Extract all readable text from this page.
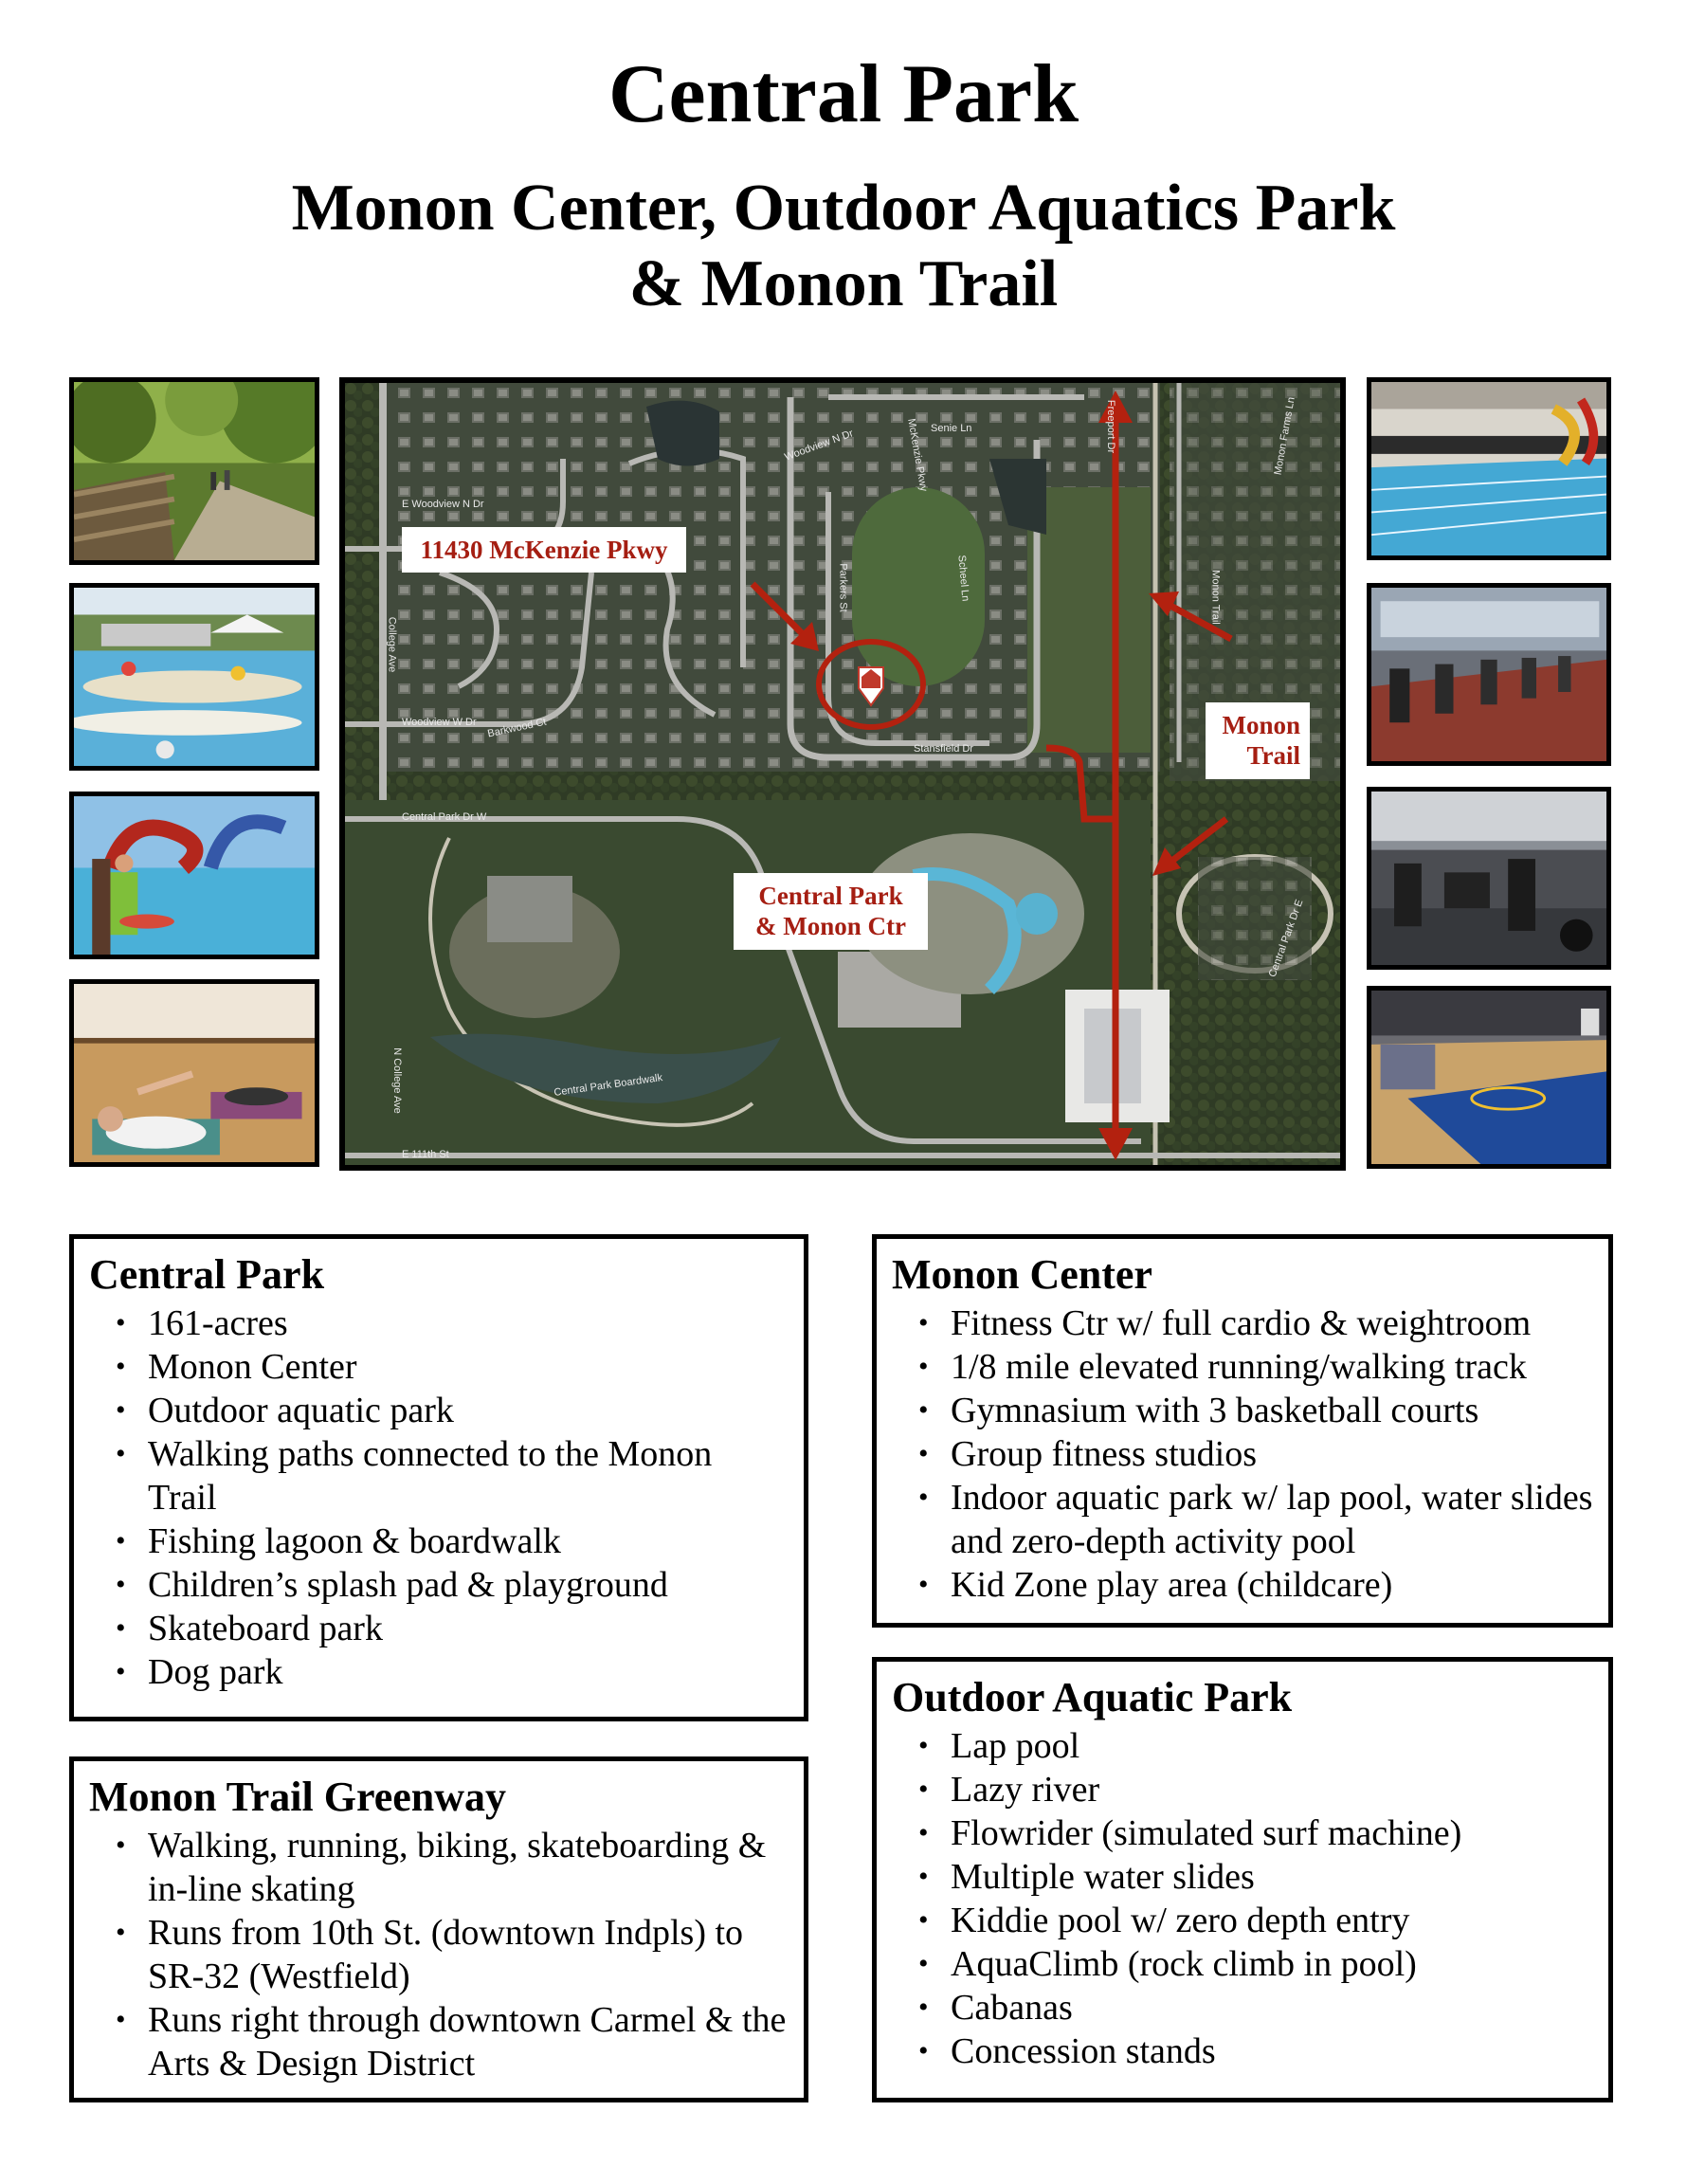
Central Park
Monon Center, Outdoor Aquatics Park
& Monon Trail
E Woodview N Dr
Woodview N Dr	Senie Ln
McKenzie Pkwy	Freeport Dr
Monon Trail
Monon Farms Ln
College Ave
Woodview W Dr Barkwood Ct
Stansfield Dr
Central Park Dr W
Central Park Boardwalk
N College Ave
E 111th St
Central Park Dr E
Scheel Ln
Parkers St
11430 McKenzie Pkwy
Monon
Trail
Central Park
& Monon Ctr
Central Park
• 161-acres
• Monon Center
• Outdoor aquatic park
• Walking paths connected to the Monon Trail
• Fishing lagoon & boardwalk
• Children’s splash pad & playground
• Skateboard park
• Dog park
Monon Center
• Fitness Ctr w/ full cardio & weightroom
• 1/8 mile elevated running/walking track
• Gymnasium with 3 basketball courts
• Group fitness studios
• Indoor aquatic park w/ lap pool, water slides and zero-depth activity pool
• Kid Zone play area (childcare)
Monon Trail Greenway
• Walking, running, biking, skateboarding & in-line skating
• Runs from 10th St. (downtown Indpls) to SR-32 (Westfield)
• Runs right through downtown Carmel & the Arts & Design District
Outdoor Aquatic Park
• Lap pool
• Lazy river
• Flowrider (simulated surf machine)
• Multiple water slides
• Kiddie pool w/ zero depth entry
• AquaClimb (rock climb in pool)
• Cabanas
• Concession stands
